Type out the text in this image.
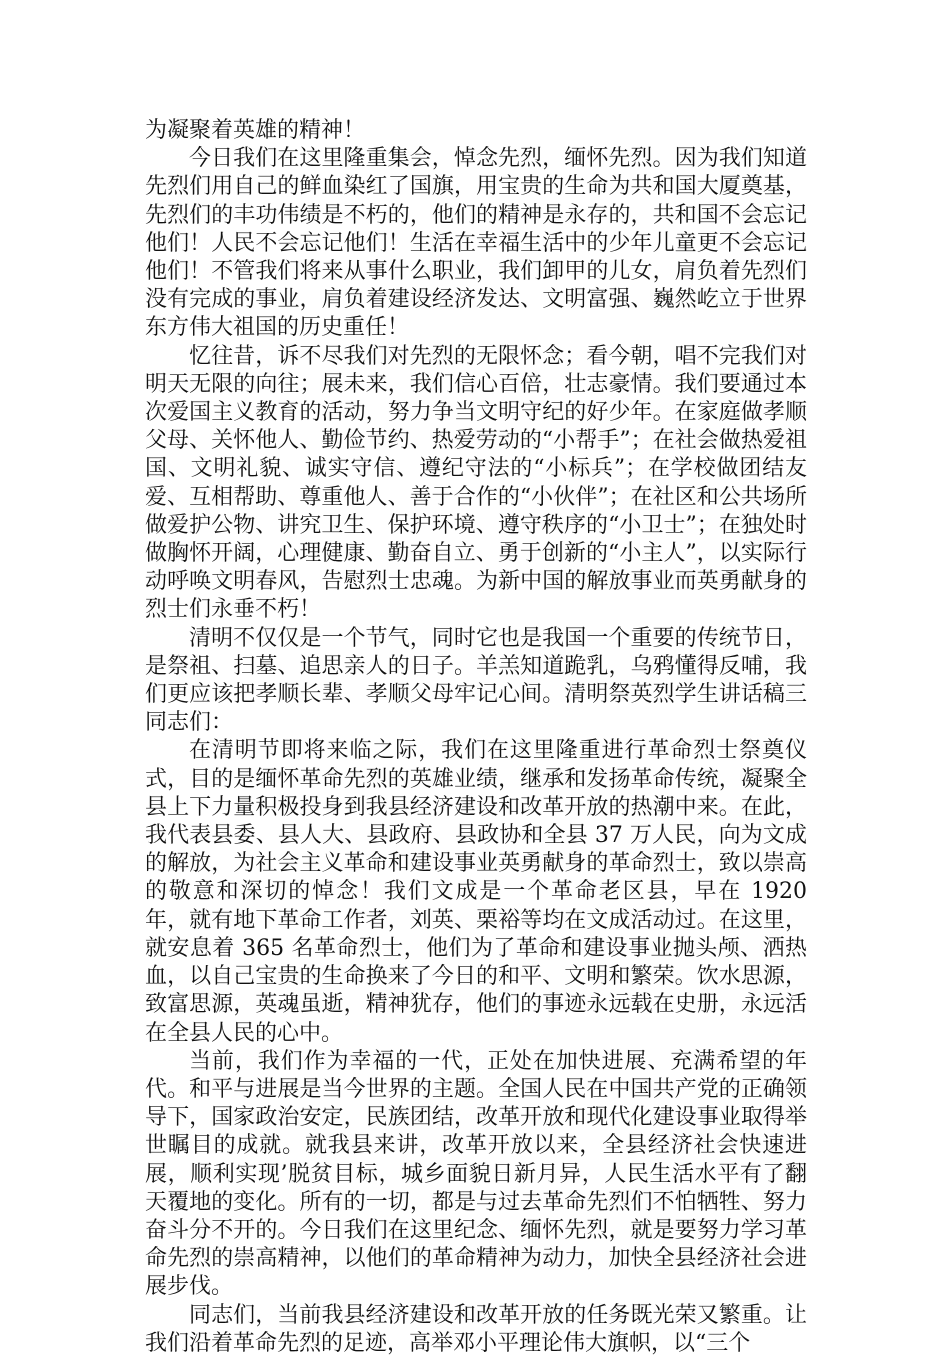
为凝聚着英雄的精神！

今日我们在这里隆重集会，悼念先烈，缅怀先烈。因为我们知道先烈们用自己的鲜血染红了国旗，用宝贵的生命为共和国大厦奠基，先烈们的丰功伟绩是不朽的，他们的精神是永存的，共和国不会忘记他们！人民不会忘记他们！生活在幸福生活中的少年儿童更不会忘记他们！不管我们将来从事什么职业，我们卸甲的儿女，肩负着先烈们没有完成的事业，肩负着建设经济发达、文明富强、巍然屹立于世界东方伟大祖国的历史重任！

忆往昔，诉不尽我们对先烈的无限怀念；看今朝，唱不完我们对明天无限的向往；展未来，我们信心百倍，壮志豪情。我们要通过本次爱国主义教育的活动，努力争当文明守纪的好少年。在家庭做孝顺父母、关怀他人、勤俭节约、热爱劳动的“小帮手”；在社会做热爱祖国、文明礼貌、诚实守信、遵纪守法的“小标兵”；在学校做团结友爱、互相帮助、尊重他人、善于合作的“小伙伴”；在社区和公共场所做爱护公物、讲究卫生、保护环境、遵守秩序的“小卫士”；在独处时做胸怀开阔，心理健康、勤奋自立、勇于创新的“小主人”，以实际行动呼唤文明春风，告慰烈士忠魂。为新中国的解放事业而英勇献身的烈士们永垂不朽！

清明不仅仅是一个节气，同时它也是我国一个重要的传统节日，是祭祖、扫墓、追思亲人的日子。羊羔知道跪乳，乌鸦懂得反哺，我们更应该把孝顺长辈、孝顺父母牢记心间。清明祭英烈学生讲话稿三同志们：

在清明节即将来临之际，我们在这里隆重进行革命烈士祭奠仪式，目的是缅怀革命先烈的英雄业绩，继承和发扬革命传统，凝聚全县上下力量积极投身到我县经济建设和改革开放的热潮中来。在此，我代表县委、县人大、县政府、县政协和全县 37 万人民，向为文成的解放，为社会主义革命和建设事业英勇献身的革命烈士，致以崇高的敬意和深切的悼念！我们文成是一个革命老区县，早在 1920 年，就有地下革命工作者，刘英、栗裕等均在文成活动过。在这里，就安息着 365 名革命烈士，他们为了革命和建设事业抛头颅、洒热血，以自己宝贵的生命换来了今日的和平、文明和繁荣。饮水思源，致富思源，英魂虽逝，精神犹存，他们的事迹永远载在史册，永远活在全县人民的心中。

当前，我们作为幸福的一代，正处在加快进展、充满希望的年代。和平与进展是当今世界的主题。全国人民在中国共产党的正确领导下，国家政治安定，民族团结，改革开放和现代化建设事业取得举世瞩目的成就。就我县来讲，改革开放以来，全县经济社会快速进展，顺利实现’脱贫目标，城乡面貌日新月异，人民生活水平有了翻天覆地的变化。所有的一切，都是与过去革命先烈们不怕牺牲、努力奋斗分不开的。今日我们在这里纪念、缅怀先烈，就是要努力学习革命先烈的崇高精神，以他们的革命精神为动力，加快全县经济社会进展步伐。

同志们，当前我县经济建设和改革开放的任务既光荣又繁重。让我们沿着革命先烈的足迹，高举邓小平理论伟大旗帜，以“三个
